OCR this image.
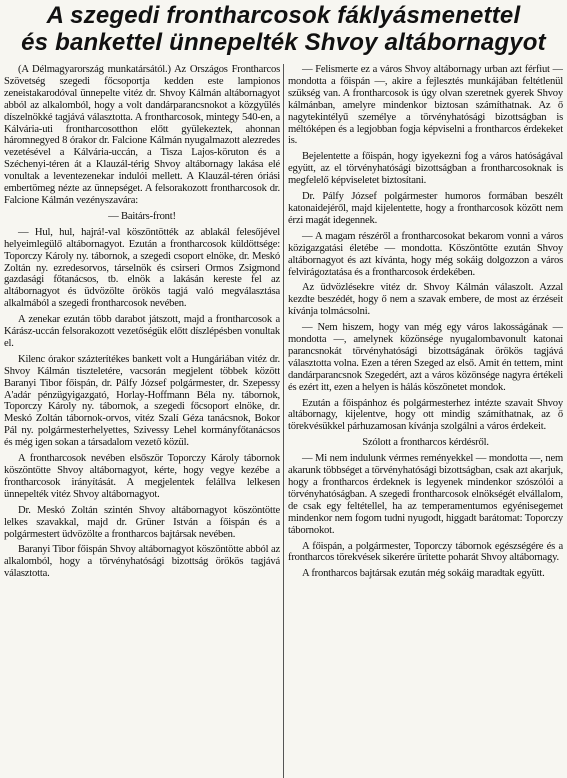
A szegedi frontharcosok fáklyásmenettel
és bankettel ünnepelték Shvoy altábornagyot

(A Délmagyarország munkatársától.) Az Országos Frontharcos Szövetség szegedi főcsoportja kedden este lampionos zeneistakarodóval ünnepelte vitéz dr. Shvoy Kálmán altábornagyot abból az alkalomból, hogy a volt dandárparancsnokot a közgyűlés díszelnökké tagjává választotta. A frontharcosok, mintegy 540-en, a Kálvária-uti frontharcosotthon előtt gyülekeztek, ahonnan háromnegyed 8 órakor dr. Falcione Kálmán nyugalmazott alezredes vezetésével a Kálvária-uccán, a Tisza Lajos-köruton és a Széchenyi-téren át a Klauzál-térig Shvoy altábornagy lakása elé vonultak a leventezenekar indulói mellett. A Klauzál-téren óriási embertömeg nézte az ünnepséget. A felsorakozott frontharcosok dr. Falcione Kálmán vezényszavára:

— Baitárs-front!

— Hul, hul, hajrá!-val köszöntötték az ablakál felesőjével helyeimlegülő altábornagyot. Ezután a frontharcosok küldöttsége: Toporczy Károly ny. tábornok, a szegedi csoport elnöke, dr. Meskó Zoltán ny. ezredesorvos, társelnök és csirseri Ormos Zsigmond gazdasági főtanácsos, tb. elnök a lakásán kereste fel az altábornagyot és üdvözölte örökös tagjá való megválasztása alkalmából a szegedi frontharcosok nevében.

A zenekar ezután több darabot játszott, majd a frontharcosok a Kárász-uccán felsorakozott vezetőségük előtt díszlépésben vonultak el.

Kilenc órakor százterítékes bankett volt a Hungáriában vitéz dr. Shvoy Kálmán tiszteletére, vacsorán megjelent többek között Baranyi Tibor főispán, dr. Pálfy József polgármester, dr. Szepessy A'adár pénzügyigazgató, Horlay-Hoffmann Béla ny. tábornok, Toporczy Károly ny. tábornok, a szegedi főcsoport elnöke, dr. Meskó Zoltán tábornok-orvos, vitéz Szalí Géza tanácsnok, Bokor Pál ny. polgármesterhelyettes, Szivessy Lehel kormányfőtanácsos és még igen sokan a társadalom vezető közül.

A frontharcosok nevében elsőször Toporczy Károly tábornok köszöntötte Shvoy altábornagyot, kérte, hogy vegye kezébe a frontharcosok irányítását. A megjelentek felállva lelkesen ünnepelték vitéz Shvoy altábornagyot.

Dr. Meskó Zoltán szintén Shvoy altábornagyot köszöntötte lelkes szavakkal, majd dr. Grüner István a főispán és a polgármestert üdvözölte a frontharcos bajtársak nevében.

Baranyi Tibor főispán Shvoy altábornagyot köszöntötte abból az alkalomból, hogy a törvényhatósági bizottság örökös tagjává választotta.

— Felismerte ez a város Shvoy altábornagy urban azt férfiut — mondotta a főispán —, akire a fejlesztés munkájában feltétlenül szükség van. A frontharcosok is úgy olvan szeretnek gyerek Shvoy kálmánban, amelyre mindenkor biztosan számíthatnak. Az ő nagytekintélyű személye a törvényhatósági bizottságban is méltóképen és a legjobban fogja képviselni a frontharcos érdekeket is.

Bejelentette a főispán, hogy igyekezni fog a város hatóságával együtt, az el törvényhatósági bizottságban a frontharcosoknak is megfelelő képviseletet biztosítani.

Dr. Pálfy József polgármester humoros formában beszélt katonaidejéről, majd kijelentette, hogy a frontharcosok között nem érzi magát idegennek.

— A magam részéről a frontharcosokat bekarom vonni a város közigazgatási életébe — mondotta. Köszöntötte ezután Shvoy altábornagyot és azt kívánta, hogy még sokáig dolgozzon a város felvirágoztatása és a frontharcosok érdekében.

Az üdvözlésekre vitéz dr. Shvoy Kálmán válaszolt. Azzal kezdte beszédét, hogy ő nem a szavak embere, de most az érzéseit kívánja tolmácsolni.

— Nem hiszem, hogy van még egy város lakosságának — mondotta —, amelynek közönsége nyugalombavonult katonai parancsnokát törvényhatósági bizottságának örökös tagjává választotta volna. Ezen a téren Szeged az első. Amit én tettem, mint dandárparancsnok Szegedért, azt a város közönsége nagyra értékeli és ezért itt, ezen a helyen is hálás köszönetet mondok.

Ezután a főispánhoz és polgármesterhez intézte szavait Shvoy altábornagy, kijelentve, hogy ott mindig számíthatnak, az ő törekvésükkel párhuzamosan kívánja szolgálni a város érdekeit.

Szólott a frontharcos kérdésről.

— Mi nem indulunk vérmes reményekkel — mondotta —, nem akarunk többséget a törvényhatósági bizottságban, csak azt akarjuk, hogy a frontharcos érdeknek is legyenek mindenkor szószólói a törvényhatóságban. A szegedi frontharcosok elnökségét elvállalom, de csak egy feltétellel, ha az temperamentumos egyénisegemet mindenkor nem fogom tudni nyugodt, higgadt barátomat: Toporczy tábornokot.

A főispán, a polgármester, Toporczy tábornok egészségére és a frontharcos törekvések sikerére ürítette poharát Shvoy altábornagy.

A frontharcos bajtársak ezután még sokáig maradtak együtt.
